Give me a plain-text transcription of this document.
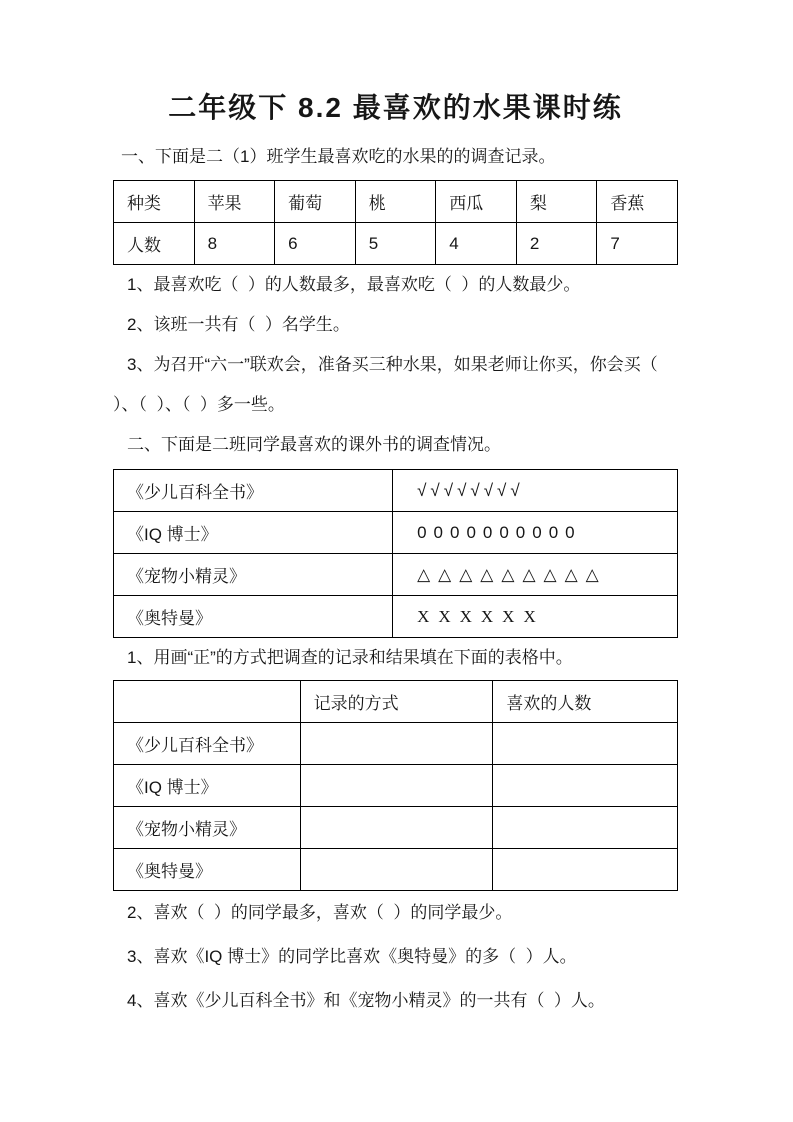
二年级下 8.2 最喜欢的水果课时练

一、下面是二（1）班学生最喜欢吃的水果的的调查记录。

种类	苹果	葡萄	桃	西瓜	梨	香蕉
人数	8	6	5	4	2	7

1、最喜欢吃（  ）的人数最多，最喜欢吃（  ）的人数最少。

2、该班一共有（  ）名学生。

3、为召开“六一”联欢会，准备买三种水果，如果老师让你买，你会买（  ）、（  ）、（  ）多一些。

二、下面是二班同学最喜欢的课外书的调查情况。

《少儿百科全书》	√√√√√√√√
《IQ 博士》	0000000000
《宠物小精灵》	△△△△△△△△△
《奥特曼》	XXXXXX

1、用画“正”的方式把调查的记录和结果填在下面的表格中。

	记录的方式	喜欢的人数
《少儿百科全书》		
《IQ 博士》		
《宠物小精灵》		
《奥特曼》		

2、喜欢（  ）的同学最多，喜欢（  ）的同学最少。

3、喜欢《IQ 博士》的同学比喜欢《奥特曼》的多（  ）人。

4、喜欢《少儿百科全书》和《宠物小精灵》的一共有（  ）人。
